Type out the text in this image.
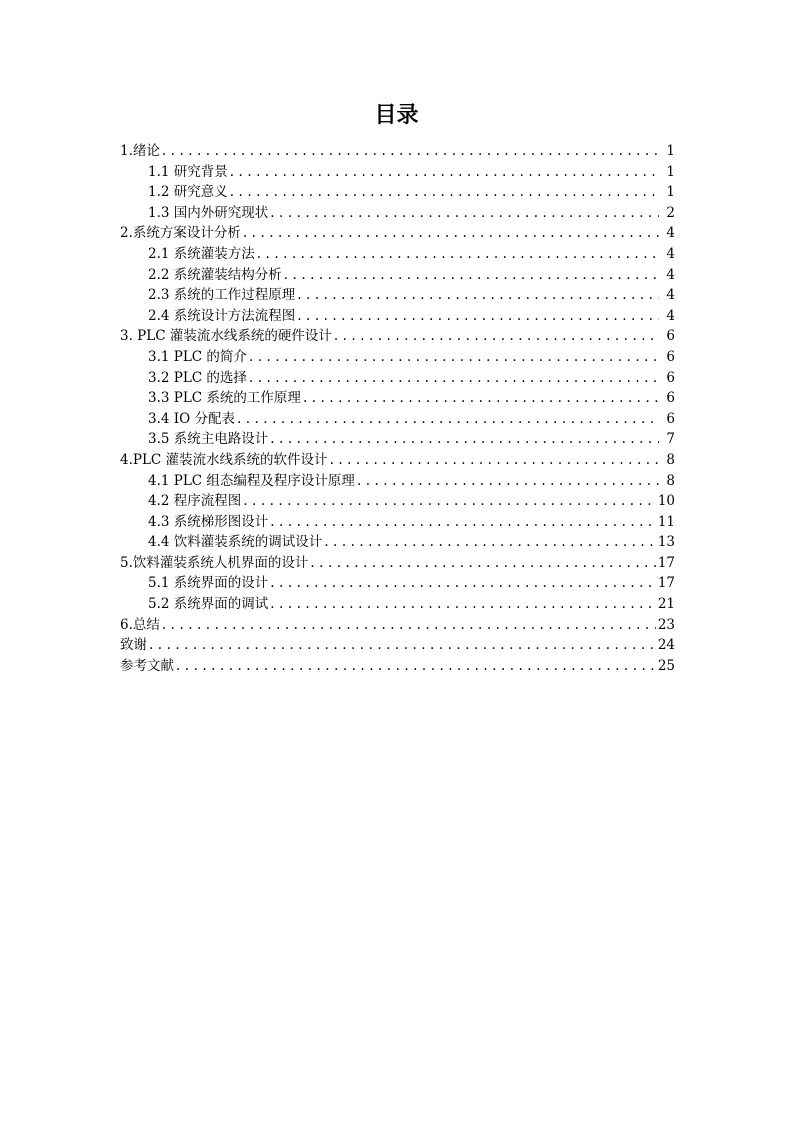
目录
1.绪论 . . .	1
1.1 研究背景 . . .	1
1.2 研究意义 . . .	1
1.3 国内外研究现状 . . .	2
2.系统方案设计分析 . . .	4
2.1 系统灌装方法 . . .	4
2.2 系统灌装结构分析 . . .	4
2.3 系统的工作过程原理 . . .	4
2.4 系统设计方法流程图 . . .	4
3. PLC 灌装流水线系统的硬件设计 . . .	6
3.1 PLC 的简介 . . .	6
3.2 PLC 的选择 . . .	6
3.3 PLC 系统的工作原理 . . .	6
3.4 IO 分配表 . . .	6
3.5 系统主电路设计 . . .	7
4.PLC 灌装流水线系统的软件设计 . . .	8
4.1 PLC 组态编程及程序设计原理 . . .	8
4.2 程序流程图 . . .	10
4.3 系统梯形图设计 . . .	11
4.4 饮料灌装系统的调试设计 . . .	13
5.饮料灌装系统人机界面的设计 . . .	17
5.1 系统界面的设计 . . .	17
5.2 系统界面的调试 . . .	21
6.总结 . . .	23
致谢 . . .	24
参考文献 . . .	25
